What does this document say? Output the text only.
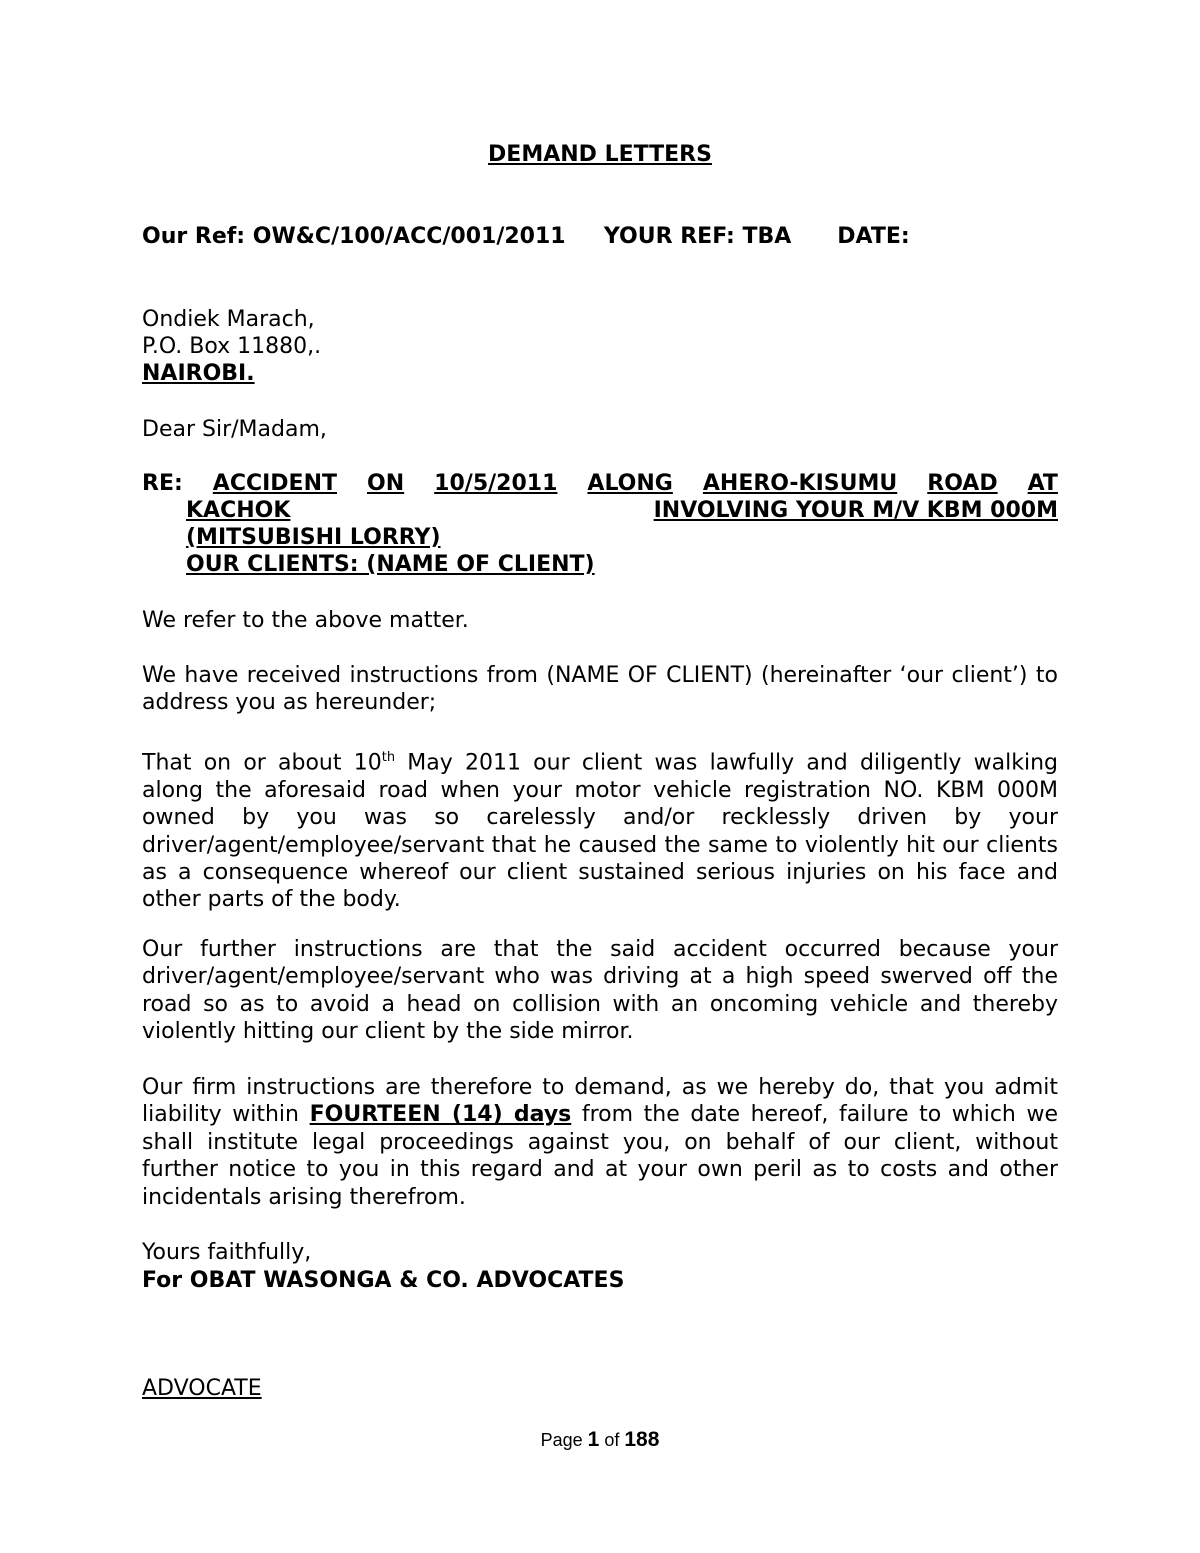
DEMAND LETTERS
Our Ref: OW&C/100/ACC/001/2011 YOUR REF: TBA DATE:
Ondiek Marach,
P.O. Box 11880,.
NAIROBI.
Dear Sir/Madam,
RE: ACCIDENT ON 10/5/2011 ALONG AHERO-KISUMU ROAD AT
KACHOK	INVOLVING YOUR M/V KBM 000M
(MITSUBISHI LORRY)
OUR CLIENTS: (NAME OF CLIENT)
We refer to the above matter.
We have received instructions from (NAME OF CLIENT) (hereinafter ‘our client’) to address you as hereunder;
That on or about 10th May 2011 our client was lawfully and diligently walking along the aforesaid road when your motor vehicle registration NO. KBM 000M owned by you was so carelessly and/or recklessly driven by your driver/agent/employee/servant that he caused the same to violently hit our clients as a consequence whereof our client sustained serious injuries on his face and other parts of the body.
Our further instructions are that the said accident occurred because your driver/agent/employee/servant who was driving at a high speed swerved off the road so as to avoid a head on collision with an oncoming vehicle and thereby violently hitting our client by the side mirror.
Our firm instructions are therefore to demand, as we hereby do, that you admit liability within FOURTEEN (14) days from the date hereof, failure to which we shall institute legal proceedings against you, on behalf of our client, without further notice to you in this regard and at your own peril as to costs and other incidentals arising therefrom.
Yours faithfully,
For OBAT WASONGA & CO. ADVOCATES
ADVOCATE
Page 1 of 188
